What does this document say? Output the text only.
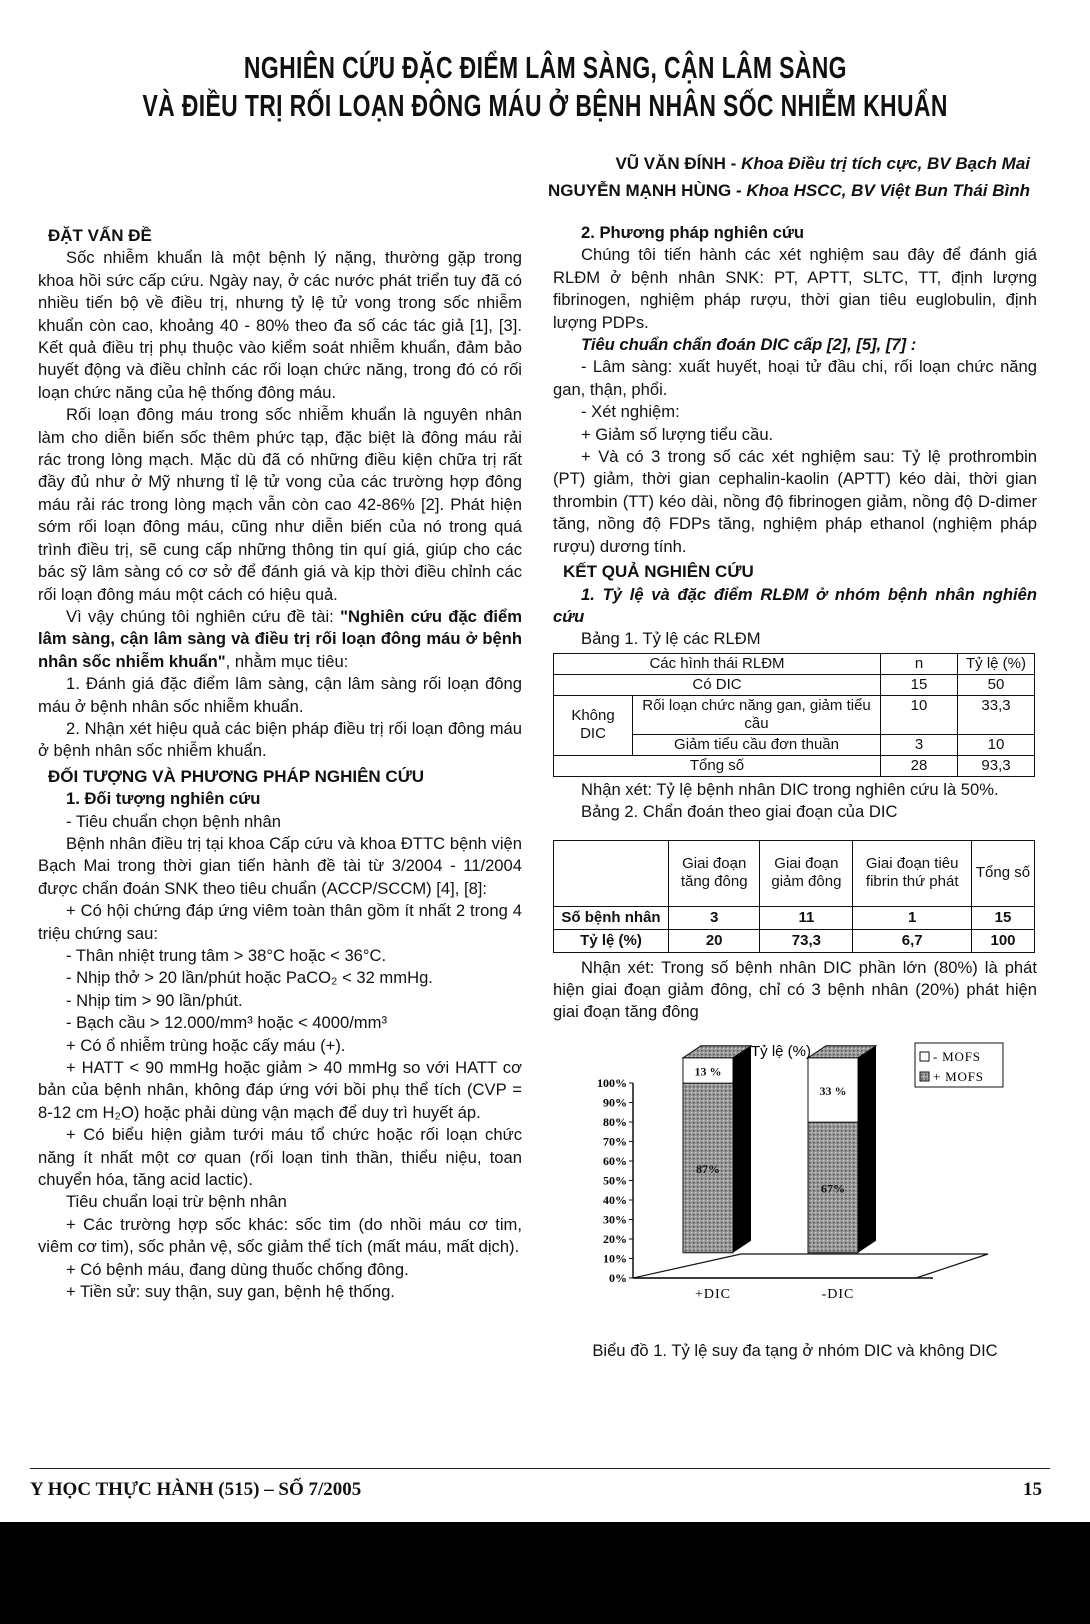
NGHIÊN CỨU ĐẶC ĐIỂM LÂM SÀNG, CẬN LÂM SÀNG
VÀ ĐIỀU TRỊ RỐI LOẠN ĐÔNG MÁU Ở BỆNH NHÂN SỐC NHIỄM KHUẨN
VŨ VĂN ĐÍNH - Khoa Điều trị tích cực, BV Bạch Mai
NGUYỄN MẠNH HÙNG - Khoa HSCC, BV Việt Bun Thái Bình

ĐẶT VẤN ĐỀ

Sốc nhiễm khuẩn là một bệnh lý nặng, thường gặp trong khoa hồi sức cấp cứu. Ngày nay, ở các nước phát triển tuy đã có nhiều tiến bộ về điều trị, nhưng tỷ lệ tử vong trong sốc nhiễm khuẩn còn cao, khoảng 40 - 80% theo đa số các tác giả [1], [3]. Kết quả điều trị phụ thuộc vào kiểm soát nhiễm khuẩn, đảm bảo huyết động và điều chỉnh các rối loạn chức năng, trong đó có rối loạn chức năng của hệ thống đông máu.

Rối loạn đông máu trong sốc nhiễm khuẩn là nguyên nhân làm cho diễn biến sốc thêm phức tạp, đặc biệt là đông máu rải rác trong lòng mạch. Mặc dù đã có những điều kiện chữa trị rất đầy đủ như ở Mỹ nhưng tỉ lệ tử vong của các trường hợp đông máu rải rác trong lòng mạch vẫn còn cao 42-86% [2]. Phát hiện sớm rối loạn đông máu, cũng như diễn biến của nó trong quá trình điều trị, sẽ cung cấp những thông tin quí giá, giúp cho các bác sỹ lâm sàng có cơ sở để đánh giá và kịp thời điều chỉnh các rối loạn đông máu một cách có hiệu quả.

Vì vậy chúng tôi nghiên cứu đề tài: "Nghiên cứu đặc điểm lâm sàng, cận lâm sàng và điều trị rối loạn đông máu ở bệnh nhân sốc nhiễm khuẩn", nhằm mục tiêu:

1. Đánh giá đặc điểm lâm sàng, cận lâm sàng rối loạn đông máu ở bệnh nhân sốc nhiễm khuẩn.

2. Nhận xét hiệu quả các biện pháp điều trị rối loạn đông máu ở bệnh nhân sốc nhiễm khuẩn.

ĐỐI TƯỢNG VÀ PHƯƠNG PHÁP NGHIÊN CỨU

1. Đối tượng nghiên cứu

- Tiêu chuẩn chọn bệnh nhân

Bệnh nhân điều trị tại khoa Cấp cứu và khoa ĐTTC bệnh viện Bạch Mai trong thời gian tiến hành đề tài từ 3/2004 - 11/2004 được chẩn đoán SNK theo tiêu chuẩn (ACCP/SCCM) [4], [8]:

+ Có hội chứng đáp ứng viêm toàn thân gồm ít nhất 2 trong 4 triệu chứng sau:

- Thân nhiệt trung tâm > 38°C hoặc < 36°C.

- Nhịp thở > 20 lần/phút hoặc PaCO₂ < 32 mmHg.

- Nhịp tim > 90 lần/phút.

- Bạch cầu > 12.000/mm³ hoặc < 4000/mm³

+ Có ổ nhiễm trùng hoặc cấy máu (+).

+ HATT < 90 mmHg hoặc giảm > 40 mmHg so với HATT cơ bản của bệnh nhân, không đáp ứng với bồi phụ thể tích (CVP = 8-12 cm H₂O) hoặc phải dùng vận mạch để duy trì huyết áp.

+ Có biểu hiện giảm tưới máu tổ chức hoặc rối loạn chức năng ít nhất một cơ quan (rối loạn tinh thần, thiểu niệu, toan chuyển hóa, tăng acid lactic).

Tiêu chuẩn loại trừ bệnh nhân

+ Các trường hợp sốc khác: sốc tim (do nhồi máu cơ tim, viêm cơ tim), sốc phản vệ, sốc giảm thể tích (mất máu, mất dịch).

+ Có bệnh máu, đang dùng thuốc chống đông.

+ Tiền sử: suy thận, suy gan, bệnh hệ thống.

2. Phương pháp nghiên cứu

Chúng tôi tiến hành các xét nghiệm sau đây để đánh giá RLĐM ở bệnh nhân SNK: PT, APTT, SLTC, TT, định lượng fibrinogen, nghiệm pháp rượu, thời gian tiêu euglobulin, định lượng PDPs.

Tiêu chuẩn chẩn đoán DIC cấp [2], [5], [7] :

- Lâm sàng: xuất huyết, hoại tử đầu chi, rối loạn chức năng gan, thận, phổi.

- Xét nghiệm:

+ Giảm số lượng tiểu cầu.

+ Và có 3 trong số các xét nghiệm sau: Tỷ lệ prothrombin (PT) giảm, thời gian cephalin-kaolin (APTT) kéo dài, thời gian thrombin (TT) kéo dài, nồng độ fibrinogen giảm, nồng độ D-dimer tăng, nồng độ FDPs tăng, nghiệm pháp ethanol (nghiệm pháp rượu) dương tính.

KẾT QUẢ NGHIÊN CỨU

1. Tỷ lệ và đặc điểm RLĐM ở nhóm bệnh nhân nghiên cứu

Bảng 1. Tỷ lệ các RLĐM

Các hình thái RLĐM		n	Tỷ lệ (%)
Có DIC		15	50
Không DIC	Rối loạn chức năng gan, giảm tiểu cầu	10	33,3
	Giảm tiểu cầu đơn thuần	3	10
Tổng số		28	93,3

Nhận xét: Tỷ lệ bệnh nhân DIC trong nghiên cứu là 50%.

Bảng 2. Chẩn đoán theo giai đoạn của DIC

	Giai đoạn tăng đông	Giai đoạn giảm đông	Giai đoạn tiêu fibrin thứ phát	Tổng số
Số bệnh nhân	3	11	1	15
Tỷ lệ (%)	20	73,3	6,7	100

Nhận xét: Trong số bệnh nhân DIC phần lớn (80%) là phát hiện giai đoạn giảm đông, chỉ có 3 bệnh nhân (20%) phát hiện giai đoạn tăng đông

0%
10%
20%
30%
40%
50%
60%
70%
80%
90%
100%
87%
13 %
+DIC
67%
33 %
-DIC
Tỷ lệ (%)	- MOFS
+ MOFS
Biểu đồ 1. Tỷ lệ suy đa tạng ở nhóm DIC và không DIC
Y HỌC THỰC HÀNH (515) – SỐ 7/2005	15
